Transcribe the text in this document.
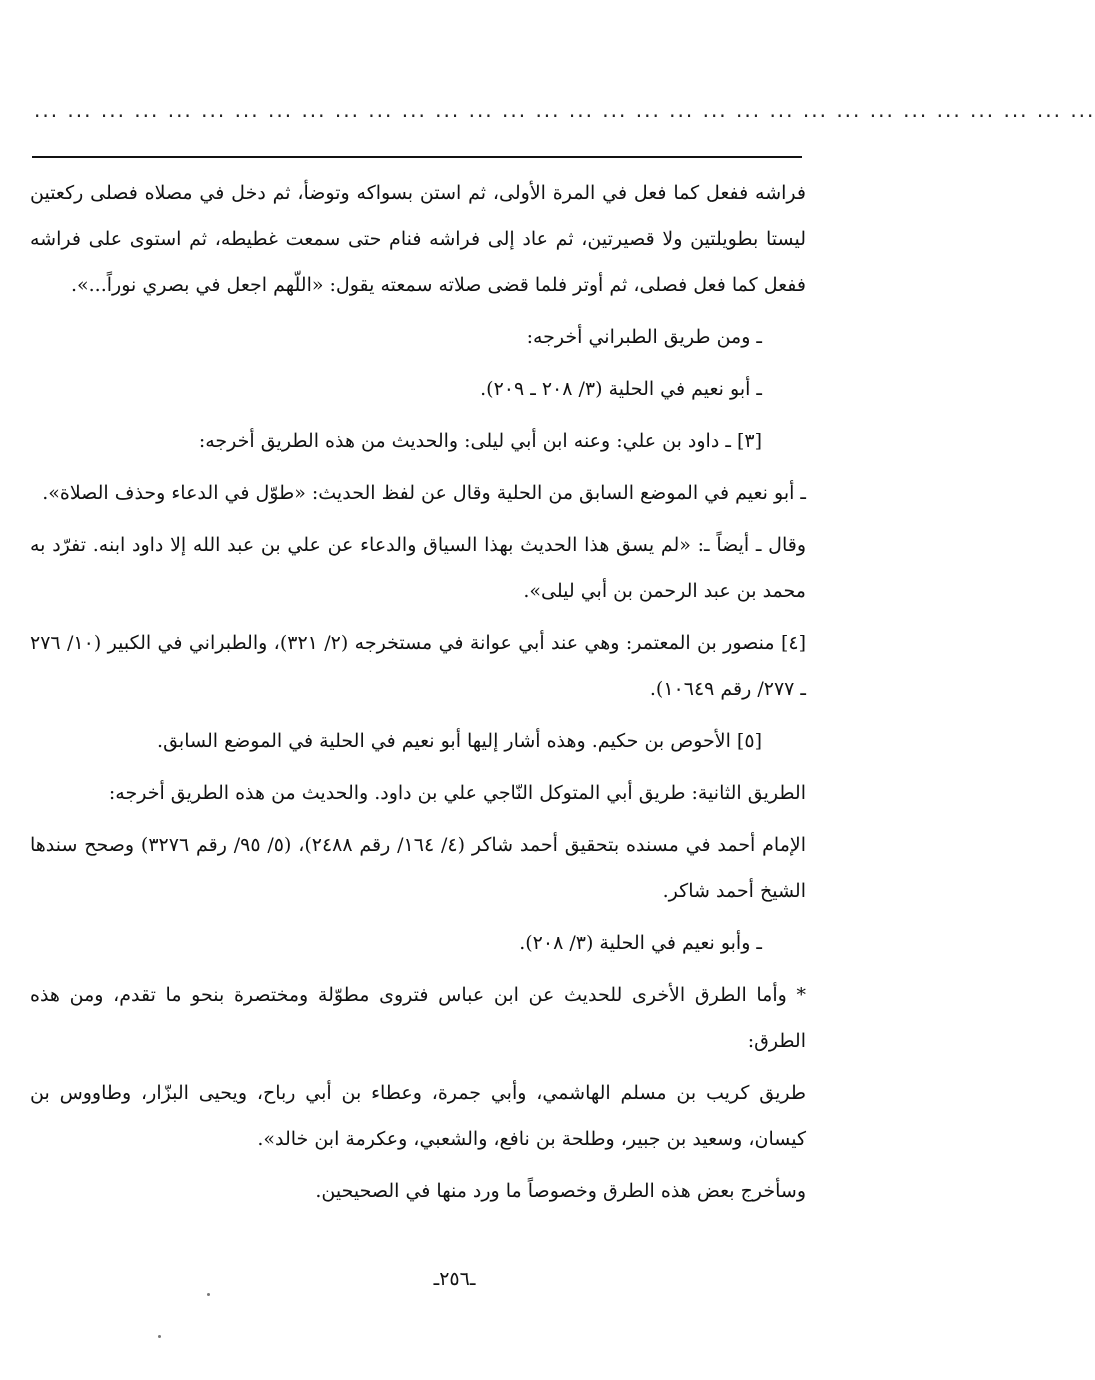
... ... ... ... ... ... ... ... ... ... ... ... ... ... ... ... ... ... ... ... ... ... ... ... ... ... ... ... ... ... ... ...

فراشه ففعل كما فعل في المرة الأولى، ثم استن بسواكه وتوضأ، ثم دخل في مصلاه فصلى ركعتين ليستا بطويلتين ولا قصيرتين، ثم عاد إلى فراشه فنام حتى سمعت غطيطه، ثم استوى على فراشه ففعل كما فعل فصلى، ثم أوتر فلما قضى صلاته سمعته يقول: «اللّهم اجعل في بصري نوراً...».

ـ ومن طريق الطبراني أخرجه:

ـ أبو نعيم في الحلية (٣/ ٢٠٨ ـ ٢٠٩).

[٣] ـ داود بن علي: وعنه ابن أبي ليلى: والحديث من هذه الطريق أخرجه:

ـ أبو نعيم في الموضع السابق من الحلية وقال عن لفظ الحديث: «طوّل في الدعاء وحذف الصلاة».

وقال ـ أيضاً ـ: «لم يسق هذا الحديث بهذا السياق والدعاء عن علي بن عبد الله إلا داود ابنه. تفرّد به محمد بن عبد الرحمن بن أبي ليلى».

[٤] منصور بن المعتمر: وهي عند أبي عوانة في مستخرجه (٢/ ٣٢١)، والطبراني في الكبير (١٠/ ٢٧٦ ـ ٢٧٧/ رقم ١٠٦٤٩).

[٥] الأحوص بن حكيم. وهذه أشار إليها أبو نعيم في الحلية في الموضع السابق.

الطريق الثانية: طريق أبي المتوكل النّاجي علي بن داود. والحديث من هذه الطريق أخرجه:

الإمام أحمد في مسنده بتحقيق أحمد شاكر (٤/ ١٦٤/ رقم ٢٤٨٨)، (٥/ ٩٥/ رقم ٣٢٧٦) وصحح سندها الشيخ أحمد شاكر.

ـ وأبو نعيم في الحلية (٣/ ٢٠٨).

* وأما الطرق الأخرى للحديث عن ابن عباس فتروى مطوّلة ومختصرة بنحو ما تقدم، ومن هذه الطرق:

طريق كريب بن مسلم الهاشمي، وأبي جمرة، وعطاء بن أبي رباح، ويحيى البزّار، وطاووس بن كيسان، وسعيد بن جبير، وطلحة بن نافع، والشعبي، وعكرمة ابن خالد».

وسأخرج بعض هذه الطرق وخصوصاً ما ورد منها في الصحيحين.

ـ٢٥٦ـ
